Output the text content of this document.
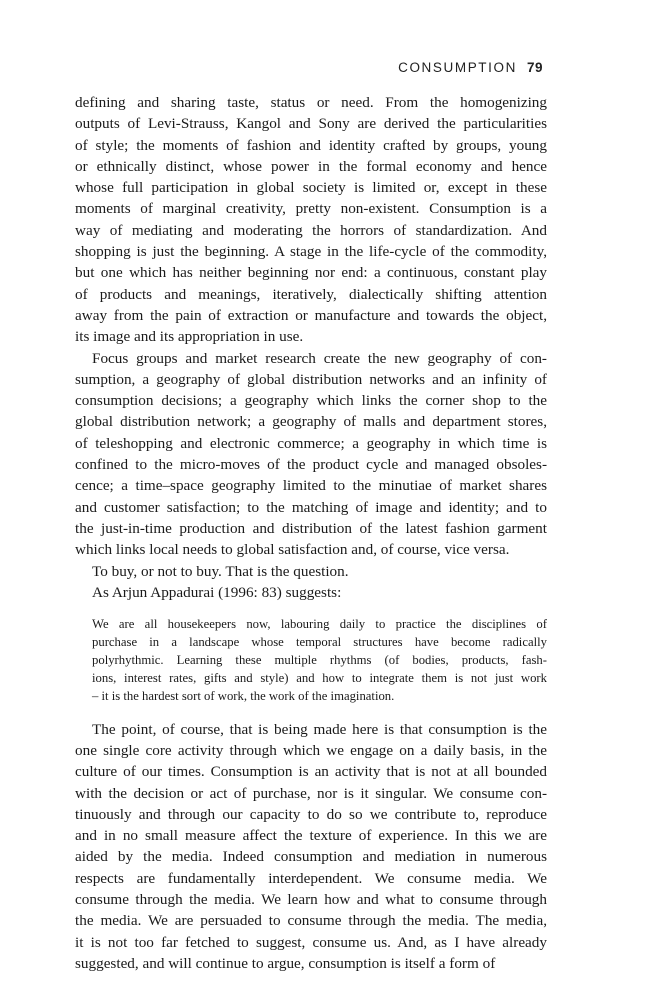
CONSUMPTION 79

defining and sharing taste, status or need. From the homogenizing
outputs of Levi-Strauss, Kangol and Sony are derived the particularities
of style; the moments of fashion and identity crafted by groups, young
or ethnically distinct, whose power in the formal economy and hence
whose full participation in global society is limited or, except in these
moments of marginal creativity, pretty non-existent. Consumption is a
way of mediating and moderating the horrors of standardization. And
shopping is just the beginning. A stage in the life-cycle of the commodity,
but one which has neither beginning nor end: a continuous, constant play
of products and meanings, iteratively, dialectically shifting attention
away from the pain of extraction or manufacture and towards the object,
its image and its appropriation in use.

Focus groups and market research create the new geography of con-
sumption, a geography of global distribution networks and an infinity of
consumption decisions; a geography which links the corner shop to the
global distribution network; a geography of malls and department stores,
of teleshopping and electronic commerce; a geography in which time is
confined to the micro-moves of the product cycle and managed obsoles-
cence; a time–space geography limited to the minutiae of market shares
and customer satisfaction; to the matching of image and identity; and to
the just-in-time production and distribution of the latest fashion garment
which links local needs to global satisfaction and, of course, vice versa.

To buy, or not to buy. That is the question.

As Arjun Appadurai (1996: 83) suggests:

We are all housekeepers now, labouring daily to practice the disciplines of
purchase in a landscape whose temporal structures have become radically
polyrhythmic. Learning these multiple rhythms (of bodies, products, fash-
ions, interest rates, gifts and style) and how to integrate them is not just work
– it is the hardest sort of work, the work of the imagination.

The point, of course, that is being made here is that consumption is the
one single core activity through which we engage on a daily basis, in the
culture of our times. Consumption is an activity that is not at all bounded
with the decision or act of purchase, nor is it singular. We consume con-
tinuously and through our capacity to do so we contribute to, reproduce
and in no small measure affect the texture of experience. In this we are
aided by the media. Indeed consumption and mediation in numerous
respects are fundamentally interdependent. We consume media. We
consume through the media. We learn how and what to consume through
the media. We are persuaded to consume through the media. The media,
it is not too far fetched to suggest, consume us. And, as I have already
suggested, and will continue to argue, consumption is itself a form of
